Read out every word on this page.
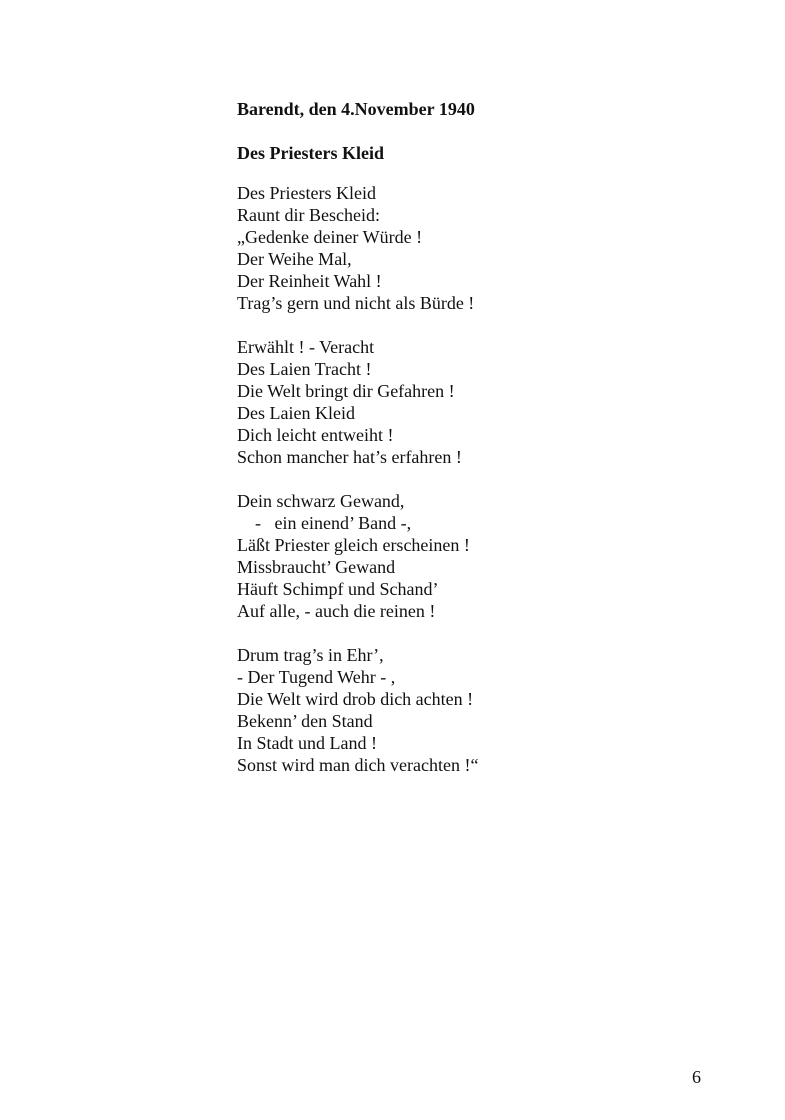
Barendt, den 4.November 1940
Des Priesters Kleid
Des Priesters Kleid
Raunt dir Bescheid:
„Gedenke deiner Würde !
Der Weihe Mal,
Der Reinheit Wahl !
Trag’s gern und nicht als Bürde !
Erwählt ! - Veracht
Des Laien Tracht !
Die Welt bringt dir Gefahren !
Des Laien Kleid
Dich leicht entweiht !
Schon mancher hat’s erfahren !
Dein schwarz Gewand,
-   ein einend’ Band -,
Läßt Priester gleich erscheinen !
Missbraucht’ Gewand
Häuft Schimpf und Schand’
Auf alle, - auch die reinen !
Drum trag’s in Ehr’,
- Der Tugend Wehr - ,
Die Welt wird drob dich achten !
Bekenn’ den Stand
In Stadt und Land !
Sonst wird man dich verachten !“
6
